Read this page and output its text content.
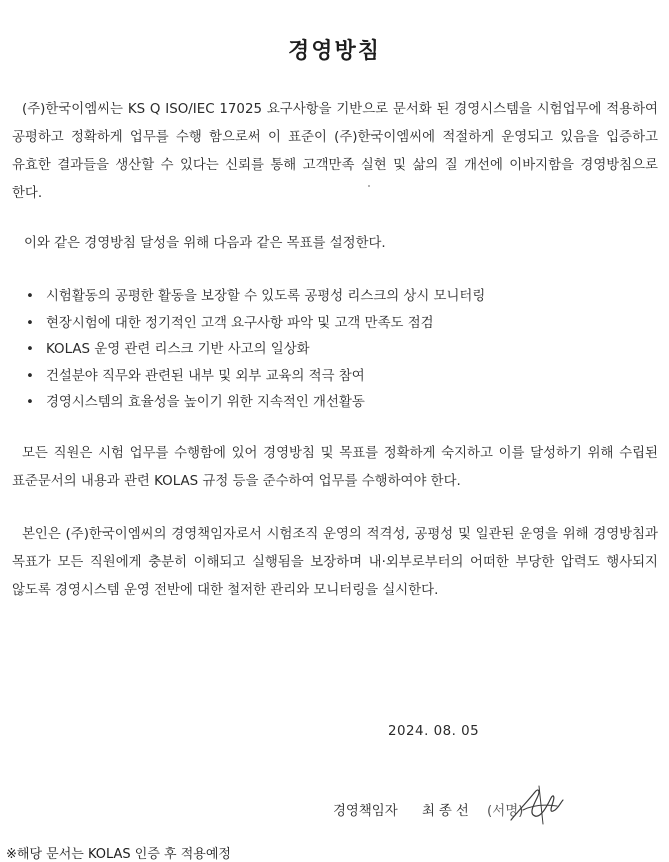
경영방침
(주)한국이엠씨는 KS Q ISO/IEC 17025 요구사항을 기반으로 문서화 된 경영시스템을 시험업무에 적용하여 공평하고 정확하게 업무를 수행 함으로써 이 표준이 (주)한국이엠씨에 적절하게 운영되고 있음을 입증하고 유효한 결과들을 생산할 수 있다는 신뢰를 통해 고객만족 실현 및 삶의 질 개선에 이바지함을 경영방침으로 한다.
이와 같은 경영방침 달성을 위해 다음과 같은 목표를 설정한다.
• 시험활동의 공평한 활동을 보장할 수 있도록 공평성 리스크의 상시 모니터링
• 현장시험에 대한 정기적인 고객 요구사항 파악 및 고객 만족도 점검
• KOLAS 운영 관련 리스크 기반 사고의 일상화
• 건설분야 직무와 관련된 내부 및 외부 교육의 적극 참여
• 경영시스템의 효율성을 높이기 위한 지속적인 개선활동
모든 직원은 시험 업무를 수행함에 있어 경영방침 및 목표를 정확하게 숙지하고 이를 달성하기 위해 수립된 표준문서의 내용과 관련 KOLAS 규정 등을 준수하여 업무를 수행하여야 한다.
본인은 (주)한국이엠씨의 경영책임자로서 시험조직 운영의 적격성, 공평성 및 일관된 운영을 위해 경영방침과 목표가 모든 직원에게 충분히 이해되고 실행됨을 보장하며 내·외부로부터의 어떠한 부당한 압력도 행사되지 않도록 경영시스템 운영 전반에 대한 철저한 관리와 모니터링을 실시한다.
2024. 08. 05
경영책임자 최종선 (서명)
※해당 문서는 KOLAS 인증 후 적용예정
